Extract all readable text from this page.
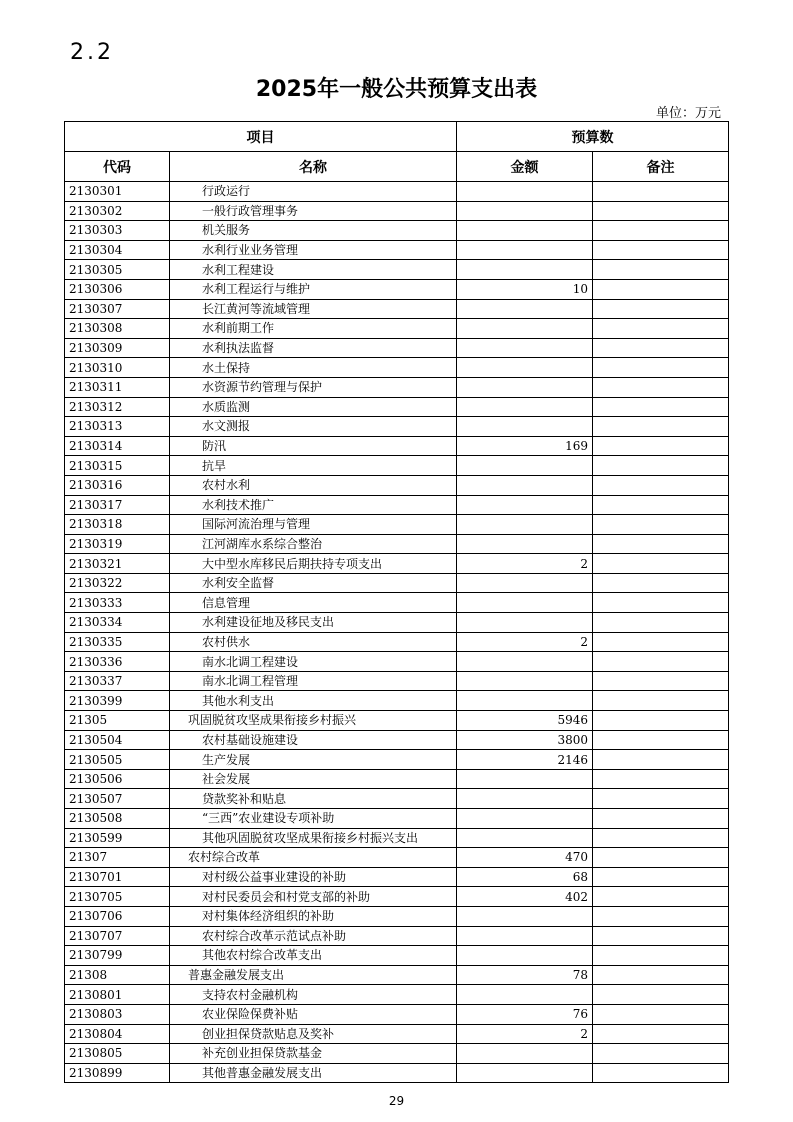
2.2
2025年一般公共预算支出表
单位：万元
项目		预算数	
代码	名称	金额	备注
2130301	行政运行		
2130302	一般行政管理事务		
2130303	机关服务		
2130304	水利行业业务管理		
2130305	水利工程建设		
2130306	水利工程运行与维护	10	
2130307	长江黄河等流域管理		
2130308	水利前期工作		
2130309	水利执法监督		
2130310	水土保持		
2130311	水资源节约管理与保护		
2130312	水质监测		
2130313	水文测报		
2130314	防汛	169	
2130315	抗旱		
2130316	农村水利		
2130317	水利技术推广		
2130318	国际河流治理与管理		
2130319	江河湖库水系综合整治		
2130321	大中型水库移民后期扶持专项支出	2	
2130322	水利安全监督		
2130333	信息管理		
2130334	水利建设征地及移民支出		
2130335	农村供水	2	
2130336	南水北调工程建设		
2130337	南水北调工程管理		
2130399	其他水利支出		
21305	巩固脱贫攻坚成果衔接乡村振兴	5946	
2130504	农村基础设施建设	3800	
2130505	生产发展	2146	
2130506	社会发展		
2130507	贷款奖补和贴息		
2130508	“三西”农业建设专项补助		
2130599	其他巩固脱贫攻坚成果衔接乡村振兴支出		
21307	农村综合改革	470	
2130701	对村级公益事业建设的补助	68	
2130705	对村民委员会和村党支部的补助	402	
2130706	对村集体经济组织的补助		
2130707	农村综合改革示范试点补助		
2130799	其他农村综合改革支出		
21308	普惠金融发展支出	78	
2130801	支持农村金融机构		
2130803	农业保险保费补贴	76	
2130804	创业担保贷款贴息及奖补	2	
2130805	补充创业担保贷款基金		
2130899	其他普惠金融发展支出		
29
